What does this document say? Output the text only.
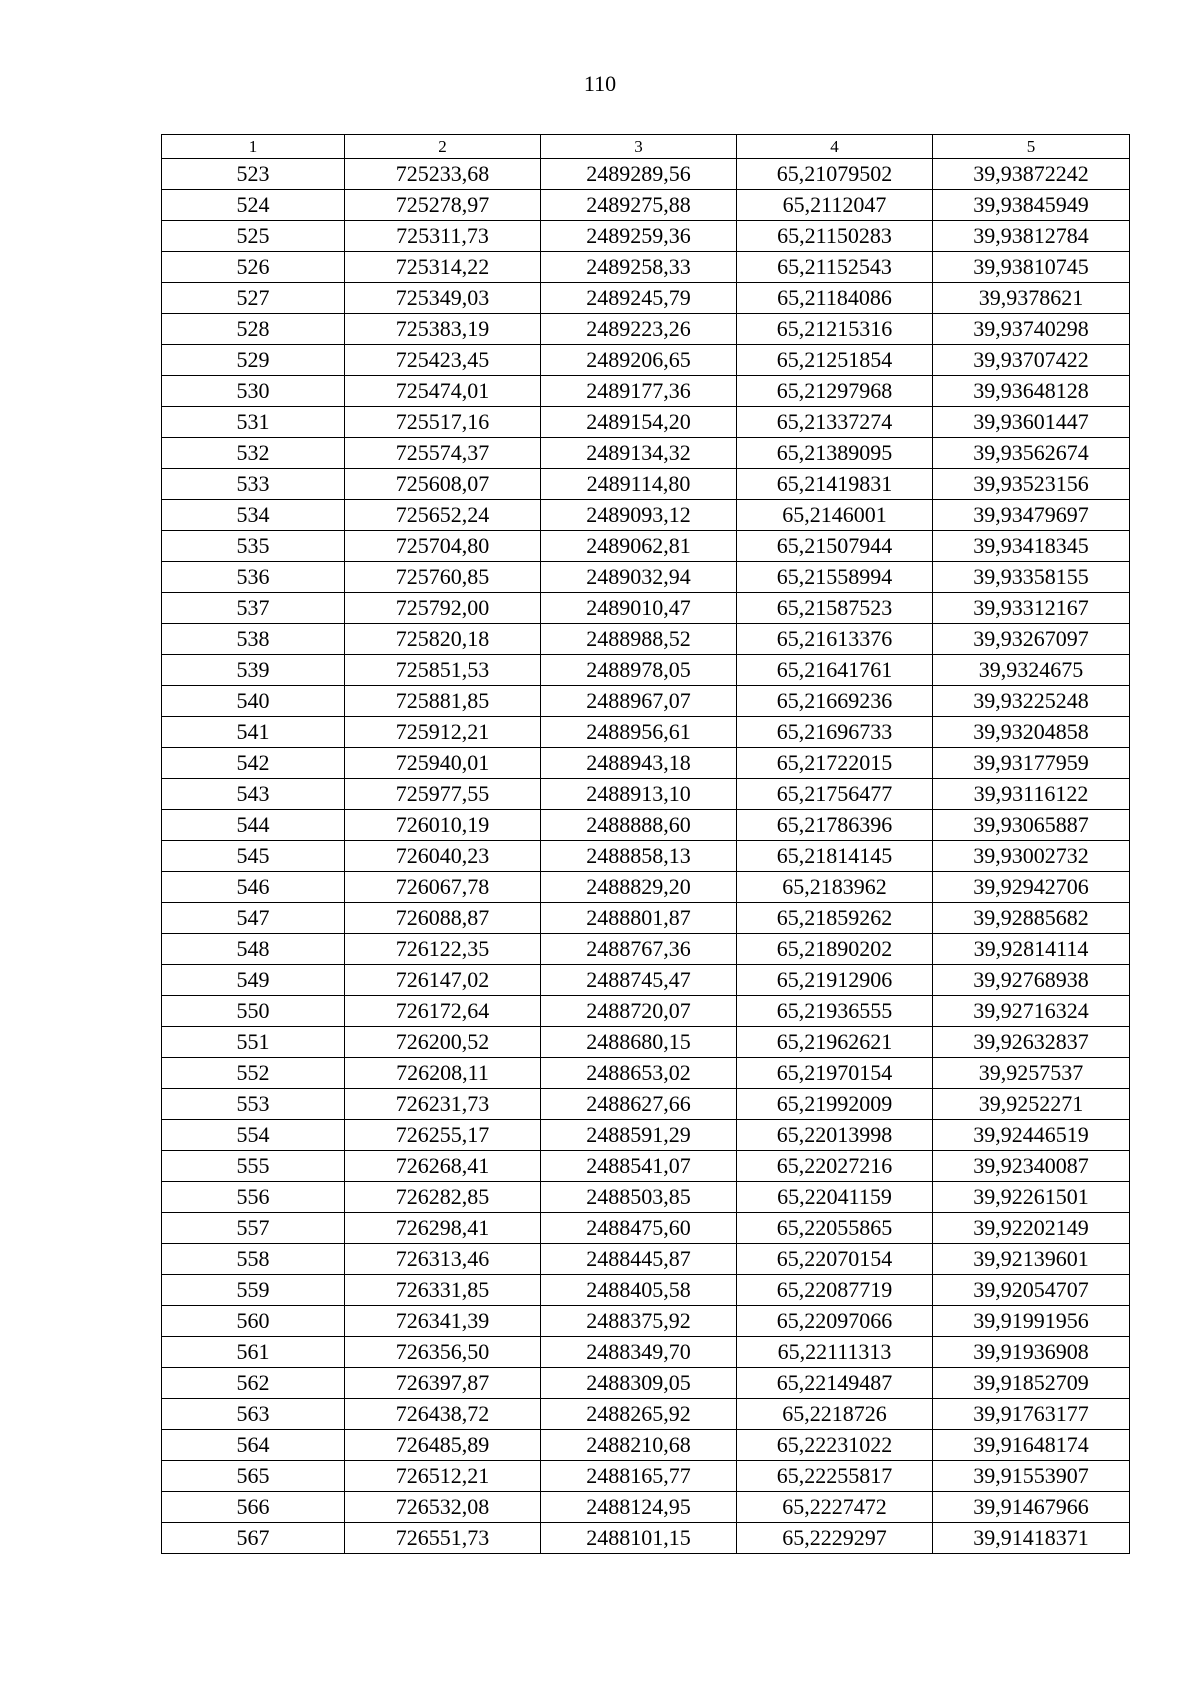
110
1	2	3	4	5
523	725233,68	2489289,56	65,21079502	39,93872242
524	725278,97	2489275,88	65,2112047	39,93845949
525	725311,73	2489259,36	65,21150283	39,93812784
526	725314,22	2489258,33	65,21152543	39,93810745
527	725349,03	2489245,79	65,21184086	39,9378621
528	725383,19	2489223,26	65,21215316	39,93740298
529	725423,45	2489206,65	65,21251854	39,93707422
530	725474,01	2489177,36	65,21297968	39,93648128
531	725517,16	2489154,20	65,21337274	39,93601447
532	725574,37	2489134,32	65,21389095	39,93562674
533	725608,07	2489114,80	65,21419831	39,93523156
534	725652,24	2489093,12	65,2146001	39,93479697
535	725704,80	2489062,81	65,21507944	39,93418345
536	725760,85	2489032,94	65,21558994	39,93358155
537	725792,00	2489010,47	65,21587523	39,93312167
538	725820,18	2488988,52	65,21613376	39,93267097
539	725851,53	2488978,05	65,21641761	39,9324675
540	725881,85	2488967,07	65,21669236	39,93225248
541	725912,21	2488956,61	65,21696733	39,93204858
542	725940,01	2488943,18	65,21722015	39,93177959
543	725977,55	2488913,10	65,21756477	39,93116122
544	726010,19	2488888,60	65,21786396	39,93065887
545	726040,23	2488858,13	65,21814145	39,93002732
546	726067,78	2488829,20	65,2183962	39,92942706
547	726088,87	2488801,87	65,21859262	39,92885682
548	726122,35	2488767,36	65,21890202	39,92814114
549	726147,02	2488745,47	65,21912906	39,92768938
550	726172,64	2488720,07	65,21936555	39,92716324
551	726200,52	2488680,15	65,21962621	39,92632837
552	726208,11	2488653,02	65,21970154	39,9257537
553	726231,73	2488627,66	65,21992009	39,9252271
554	726255,17	2488591,29	65,22013998	39,92446519
555	726268,41	2488541,07	65,22027216	39,92340087
556	726282,85	2488503,85	65,22041159	39,92261501
557	726298,41	2488475,60	65,22055865	39,92202149
558	726313,46	2488445,87	65,22070154	39,92139601
559	726331,85	2488405,58	65,22087719	39,92054707
560	726341,39	2488375,92	65,22097066	39,91991956
561	726356,50	2488349,70	65,22111313	39,91936908
562	726397,87	2488309,05	65,22149487	39,91852709
563	726438,72	2488265,92	65,2218726	39,91763177
564	726485,89	2488210,68	65,22231022	39,91648174
565	726512,21	2488165,77	65,22255817	39,91553907
566	726532,08	2488124,95	65,2227472	39,91467966
567	726551,73	2488101,15	65,2229297	39,91418371
